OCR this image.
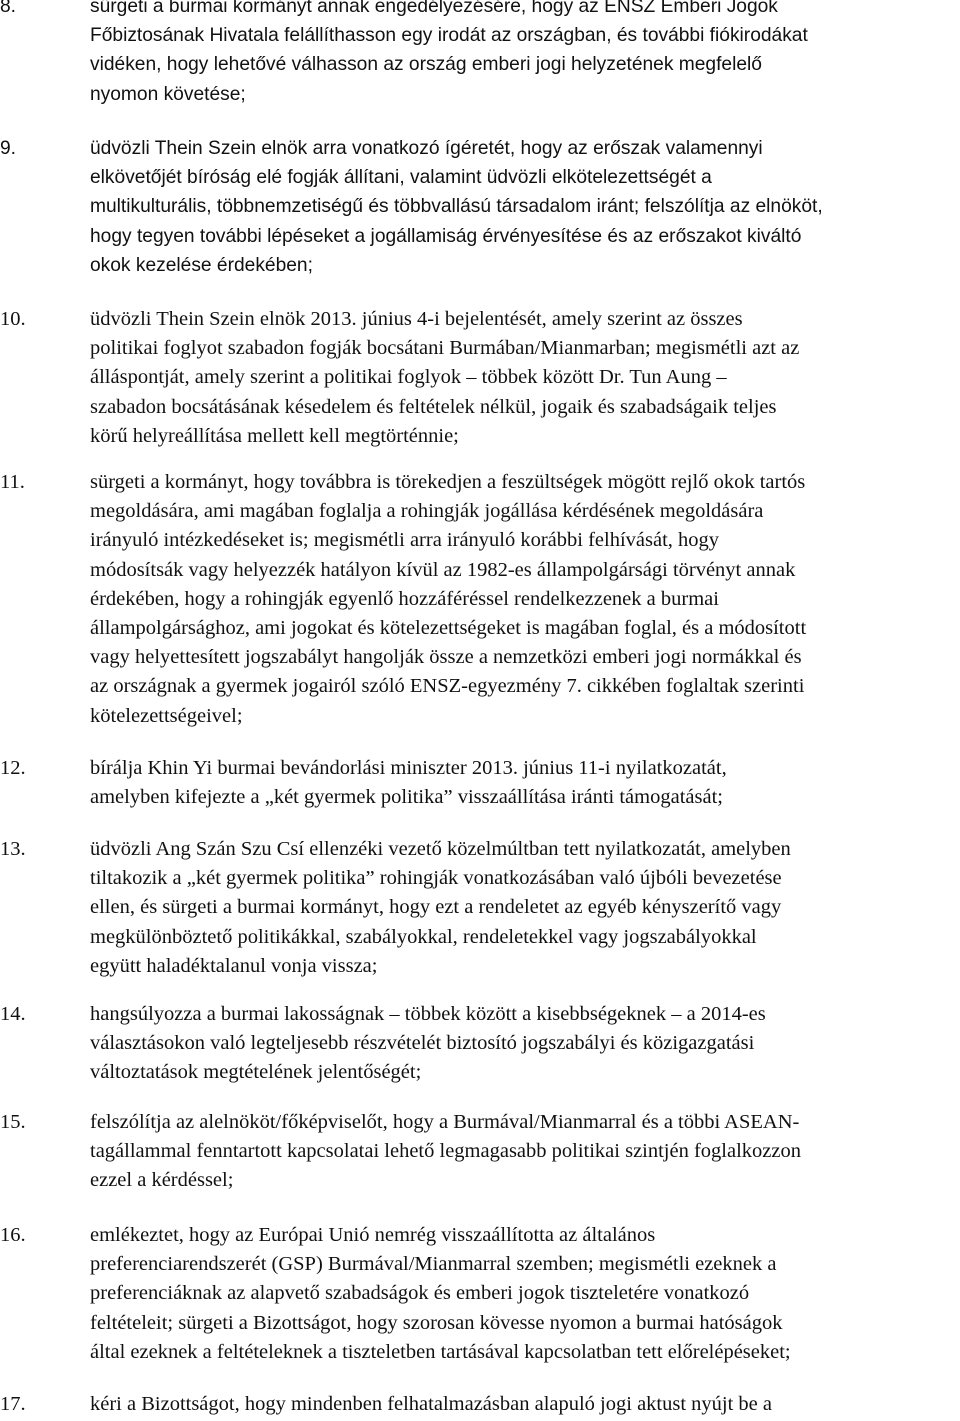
8.	sürgeti a burmai kormányt annak engedélyezésére, hogy az ENSZ Emberi Jogok

Főbiztosának Hivatala felállíthasson egy irodát az országban, és további fiókirodákat

vidéken, hogy lehetővé válhasson az ország emberi jogi helyzetének megfelelő

nyomon követése;

9.	üdvözli Thein Szein elnök arra vonatkozó ígéretét, hogy az erőszak valamennyi

elkövetőjét bíróság elé fogják állítani, valamint üdvözli elkötelezettségét a

multikulturális, többnemzetiségű és többvallású társadalom iránt; felszólítja az elnököt,

hogy tegyen további lépéseket a jogállamiság érvényesítése és az erőszakot kiváltó

okok kezelése érdekében;

10.	üdvözli Thein Szein elnök 2013. június 4-i bejelentését, amely szerint az összes

politikai foglyot szabadon fogják bocsátani Burmában/Mianmarban; megismétli azt az

álláspontját, amely szerint a politikai foglyok – többek között Dr. Tun Aung –

szabadon bocsátásának késedelem és feltételek nélkül, jogaik és szabadságaik teljes

körű helyreállítása mellett kell megtörténnie;

11.	sürgeti a kormányt, hogy továbbra is törekedjen a feszültségek mögött rejlő okok tartós

megoldására, ami magában foglalja a rohingják jogállása kérdésének megoldására

irányuló intézkedéseket is; megismétli arra irányuló korábbi felhívását, hogy

módosítsák vagy helyezzék hatályon kívül az 1982-es állampolgársági törvényt annak

érdekében, hogy a rohingják egyenlő hozzáféréssel rendelkezzenek a burmai

állampolgársághoz, ami jogokat és kötelezettségeket is magában foglal, és a módosított

vagy helyettesített jogszabályt hangolják össze a nemzetközi emberi jogi normákkal és

az országnak a gyermek jogairól szóló ENSZ-egyezmény 7. cikkében foglaltak szerinti

kötelezettségeivel;

12.	bírálja Khin Yi burmai bevándorlási miniszter 2013. június 11-i nyilatkozatát,

amelyben kifejezte a „két gyermek politika” visszaállítása iránti támogatását;

13.	üdvözli Ang Szán Szu Csí ellenzéki vezető közelmúltban tett nyilatkozatát, amelyben

tiltakozik a „két gyermek politika” rohingják vonatkozásában való újbóli bevezetése

ellen, és sürgeti a burmai kormányt, hogy ezt a rendeletet az egyéb kényszerítő vagy

megkülönböztető politikákkal, szabályokkal, rendeletekkel vagy jogszabályokkal

együtt haladéktalanul vonja vissza;

14.	hangsúlyozza a burmai lakosságnak – többek között a kisebbségeknek – a 2014-es

választásokon való legteljesebb részvételét biztosító jogszabályi és közigazgatási

változtatások megtételének jelentőségét;

15.	felszólítja az alelnököt/főképviselőt, hogy a Burmával/Mianmarral és a többi ASEAN-

tagállammal fenntartott kapcsolatai lehető legmagasabb politikai szintjén foglalkozzon

ezzel a kérdéssel;

16.	emlékeztet, hogy az Európai Unió nemrég visszaállította az általános

preferenciarendszerét (GSP) Burmával/Mianmarral szemben; megismétli ezeknek a

preferenciáknak az alapvető szabadságok és emberi jogok tiszteletére vonatkozó

feltételeit; sürgeti a Bizottságot, hogy szorosan kövesse nyomon a burmai hatóságok

által ezeknek a feltételeknek a tiszteletben tartásával kapcsolatban tett előrelépéseket;

17.	kéri a Bizottságot, hogy mindenben felhatalmazásban alapuló jogi aktust nyújt be a
